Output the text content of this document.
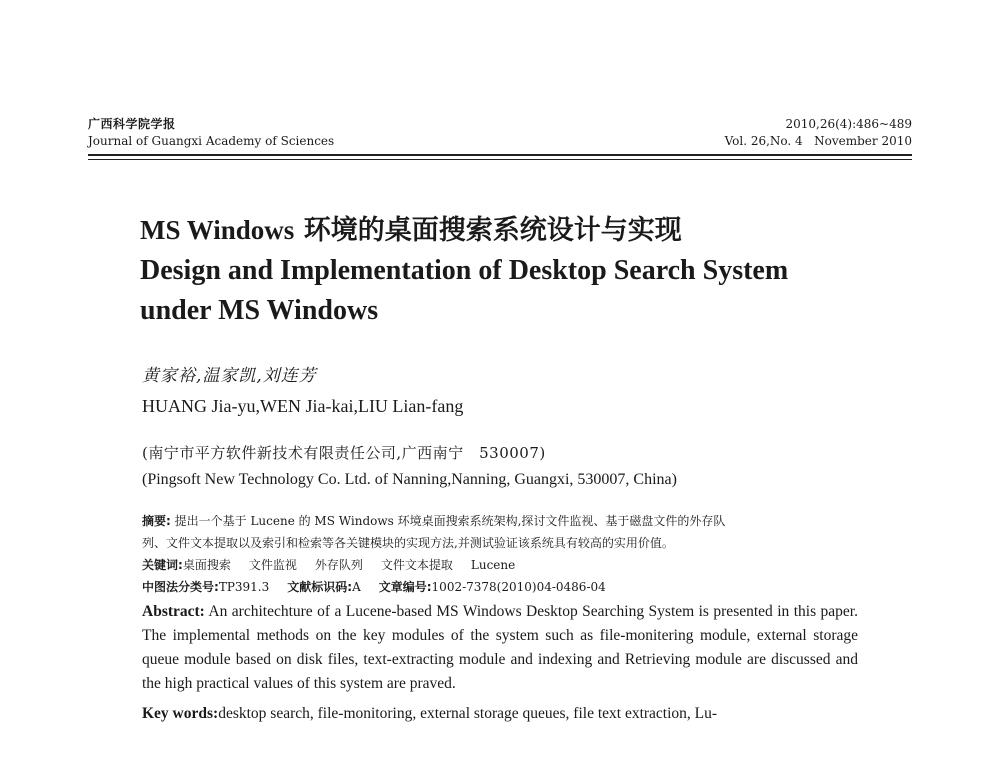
广西科学院学报
Journal of Guangxi Academy of Sciences
2010,26(4):486~489
Vol. 26,No. 4 November 2010
MS Windows 环境的桌面搜索系统设计与实现
Design and Implementation of Desktop Search System
under MS Windows
黄家裕,温家凯,刘连芳
HUANG Jia-yu,WEN Jia-kai,LIU Lian-fang
(南宁市平方软件新技术有限责任公司,广西南宁　530007)
(Pingsoft New Technology Co. Ltd. of Nanning,Nanning, Guangxi, 530007, China)
摘要: 提出一个基于 Lucene 的 MS Windows 环境桌面搜索系统架构,探讨文件监视、基于磁盘文件的外存队
列、文件文本提取以及索引和检索等各关键模块的实现方法,并测试验证该系统具有较高的实用价值。
关键词:桌面搜索 文件监视 外存队列 文件文本提取 Lucene
中图法分类号:TP391.3 文献标识码:A 文章编号:1002-7378(2010)04-0486-04
Abstract: An architechture of a Lucene-based MS Windows Desktop Searching System is presented in this paper. The implemental methods on the key modules of the system such as file-monitering module, external storage queue module based on disk files, text-extracting module and indexing and Retrieving module are discussed and the high practical values of this system are praved.
Key words:desktop search, file-monitoring, external storage queues, file text extraction, Lu-
